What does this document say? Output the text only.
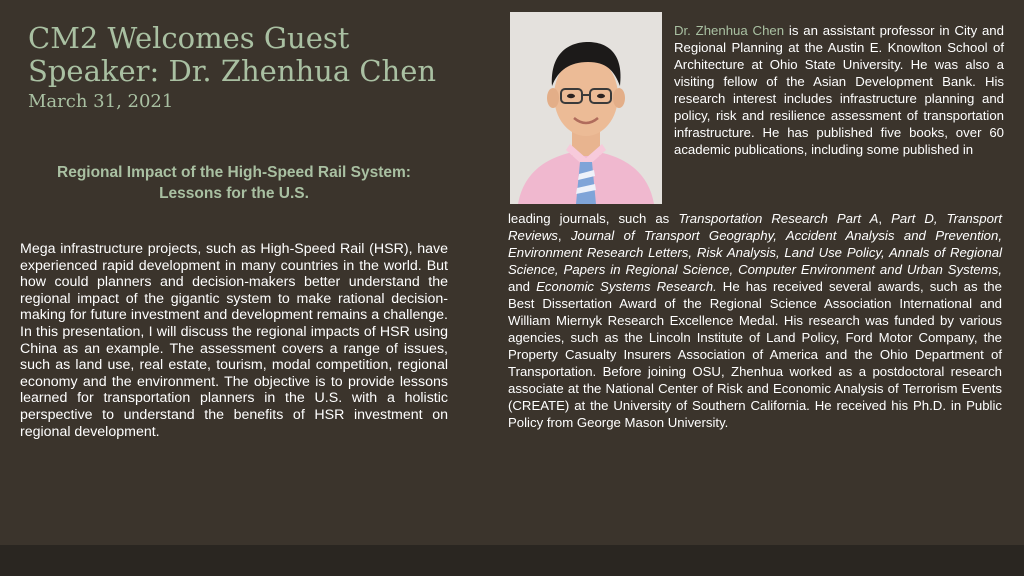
CM2 Welcomes Guest
Speaker: Dr. Zhenhua Chen
March 31, 2021
Regional Impact of the High-Speed Rail System:
Lessons for the U.S.
Mega infrastructure projects, such as High-Speed Rail (HSR), have experienced rapid development in many countries in the world. But how could planners and decision-makers better understand the regional impact of the gigantic system to make rational decision-making for future investment and development remains a challenge. In this presentation, I will discuss the regional impacts of HSR using China as an example. The assessment covers a range of issues, such as land use, real estate, tourism, modal competition, regional economy and the environment. The objective is to provide lessons learned for transportation planners in the U.S. with a holistic perspective to understand the benefits of HSR investment on regional development.
Dr. Zhenhua Chen is an assistant professor in City and Regional Planning at the Austin E. Knowlton School of Architecture at Ohio State University. He was also a visiting fellow of the Asian Development Bank. His research interest includes infrastructure planning and policy, risk and resilience assessment of transportation infrastructure. He has published five books, over 60 academic publications, including some published in
leading journals, such as Transportation Research Part A, Part D, Transport Reviews, Journal of Transport Geography, Accident Analysis and Prevention, Environment Research Letters, Risk Analysis, Land Use Policy, Annals of Regional Science, Papers in Regional Science, Computer Environment and Urban Systems, and Economic Systems Research. He has received several awards, such as the Best Dissertation Award of the Regional Science Association International and William Miernyk Research Excellence Medal. His research was funded by various agencies, such as the Lincoln Institute of Land Policy, Ford Motor Company, the Property Casualty Insurers Association of America and the Ohio Department of Transportation. Before joining OSU, Zhenhua worked as a postdoctoral research associate at the National Center of Risk and Economic Analysis of Terrorism Events (CREATE) at the University of Southern California. He received his Ph.D. in Public Policy from George Mason University.
